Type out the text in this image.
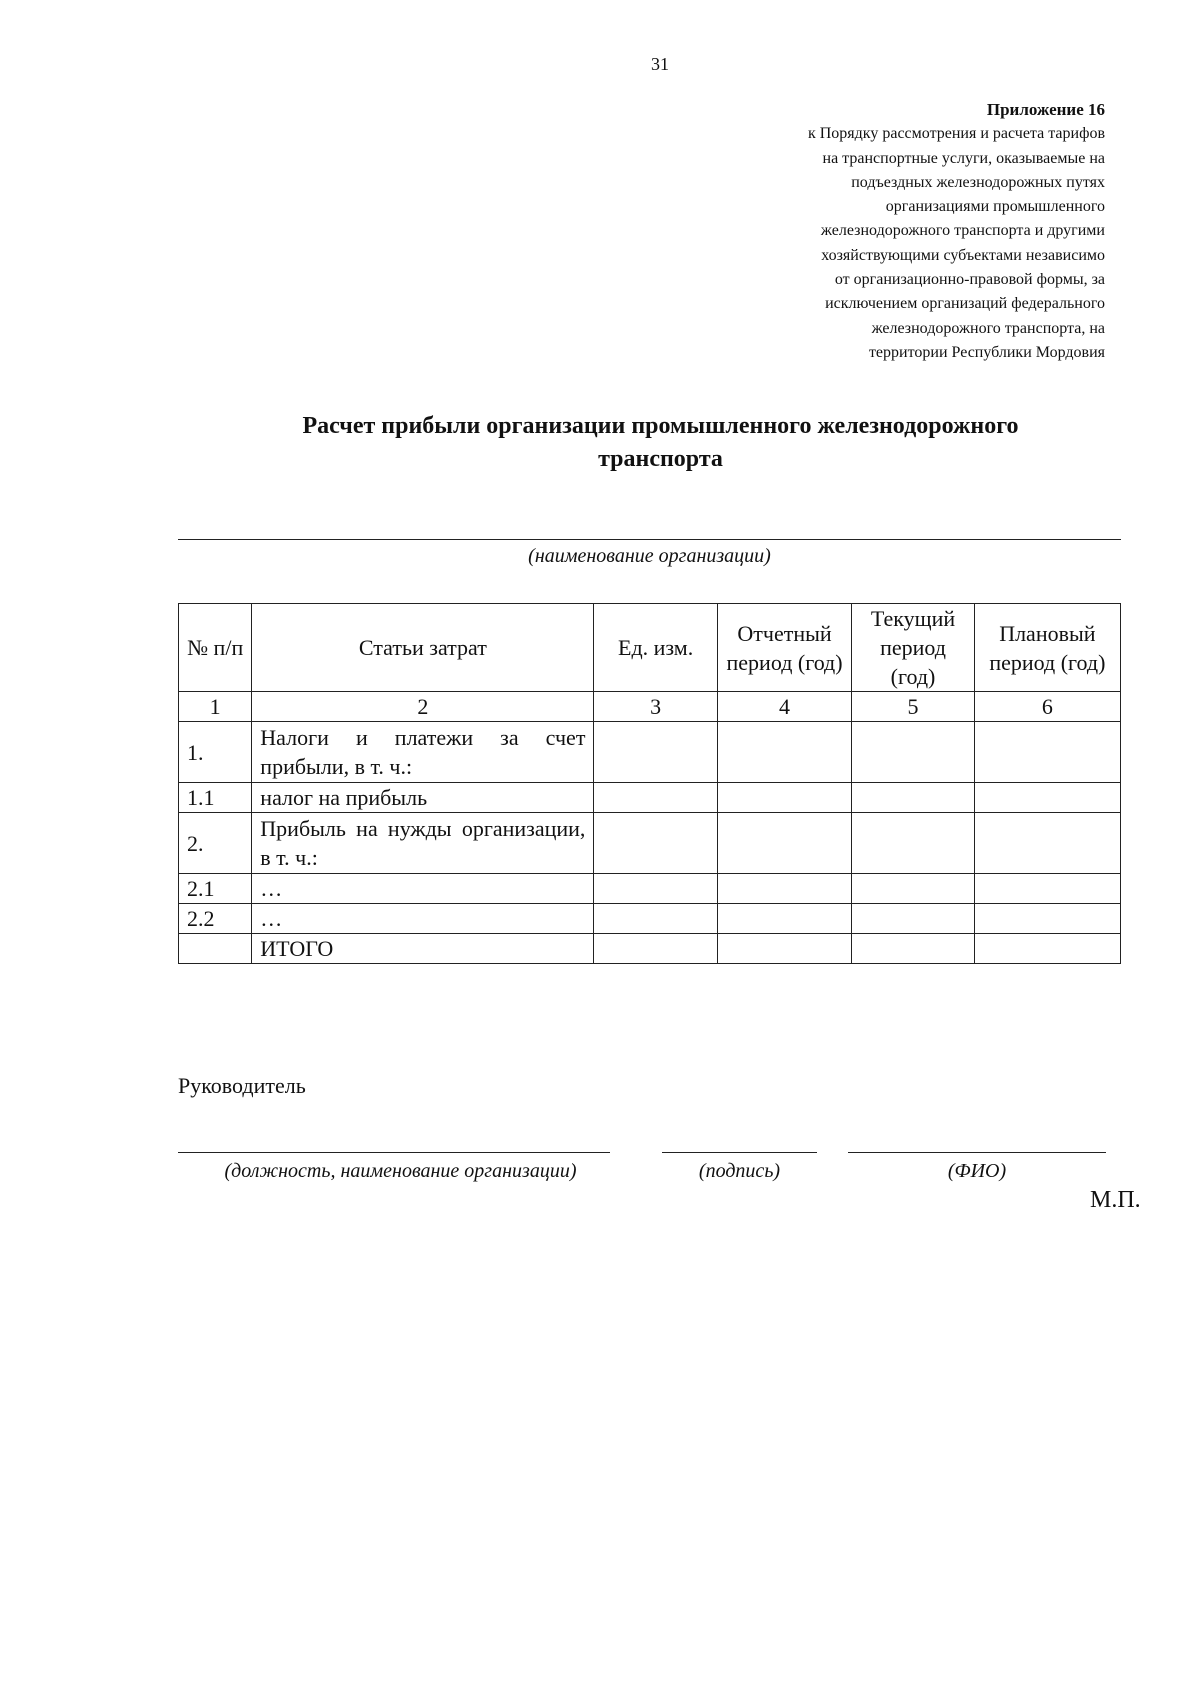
31
Приложение 16
к Порядку рассмотрения и расчета тарифов
на транспортные услуги, оказываемые на
подъездных железнодорожных путях
организациями промышленного
железнодорожного транспорта и другими
хозяйствующими субъектами независимо
от организационно-правовой формы, за
исключением организаций федерального
железнодорожного транспорта, на
территории Республики Мордовия
Расчет прибыли организации промышленного железнодорожного
транспорта
(наименование организации)
№ п/п	Статьи затрат	Ед. изм.	Отчетный период (год)	Текущий период (год)	Плановый период (год)
1	2	3	4	5	6
1.	Налоги и платежи за счет прибыли, в т. ч.:				
1.1	налог на прибыль				
2.	Прибыль на нужды организации, в т. ч.:				
2.1	…				
2.2	…				
	ИТОГО				
Руководитель
(должность, наименование организации)	(подпись)	(ФИО)
М.П.
